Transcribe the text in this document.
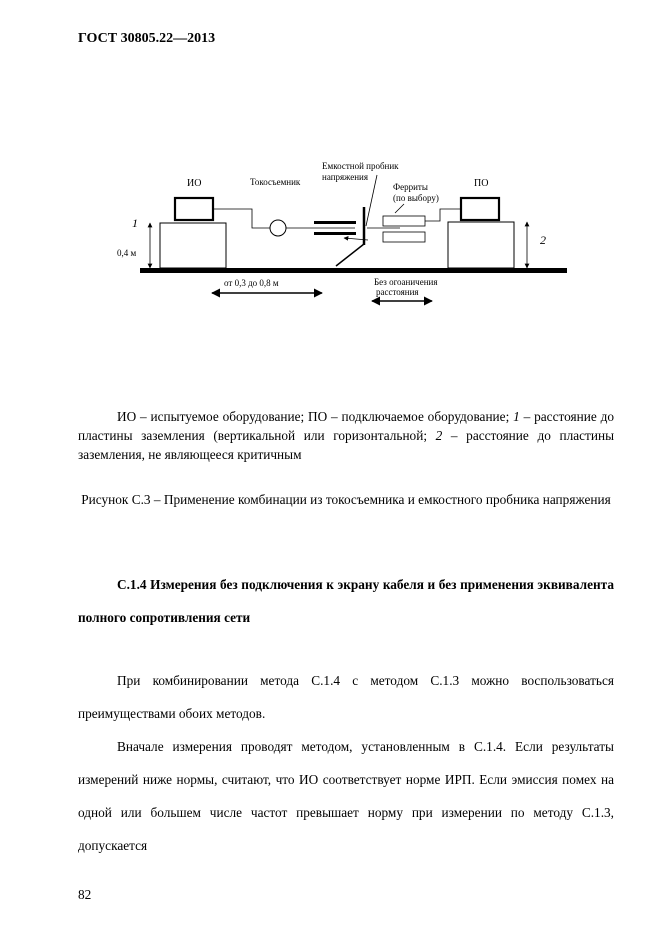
ГОСТ 30805.22—2013
ИО	ПО
Токосъемник
Емкостной пробник
напряжения
Ферриты
(по выбору)
1
0,4 м
2
от 0,3 до 0,8 м	Без огоаничения
расстояния

ИО – испытуемое оборудование; ПО – подключаемое оборудование; 1 – расстояние до пластины заземления (вертикальной или горизонтальной; 2 – расстояние до пластины заземления, не являющееся критичным

Рисунок С.3 – Применение комбинации из токосъемника и емкостного пробника напряжения

С.1.4 Измерения без подключения к экрану кабеля и без применения эквивалента полного сопротивления сети

При комбинировании метода С.1.4 с методом С.1.3 можно воспользоваться преимуществами обоих методов.

Вначале измерения проводят методом, установленным в С.1.4. Если результаты измерений ниже нормы, считают, что ИО соответствует норме ИРП. Если эмиссия помех на одной или большем числе частот превышает норму при измерении по методу С.1.3, допускается

82
